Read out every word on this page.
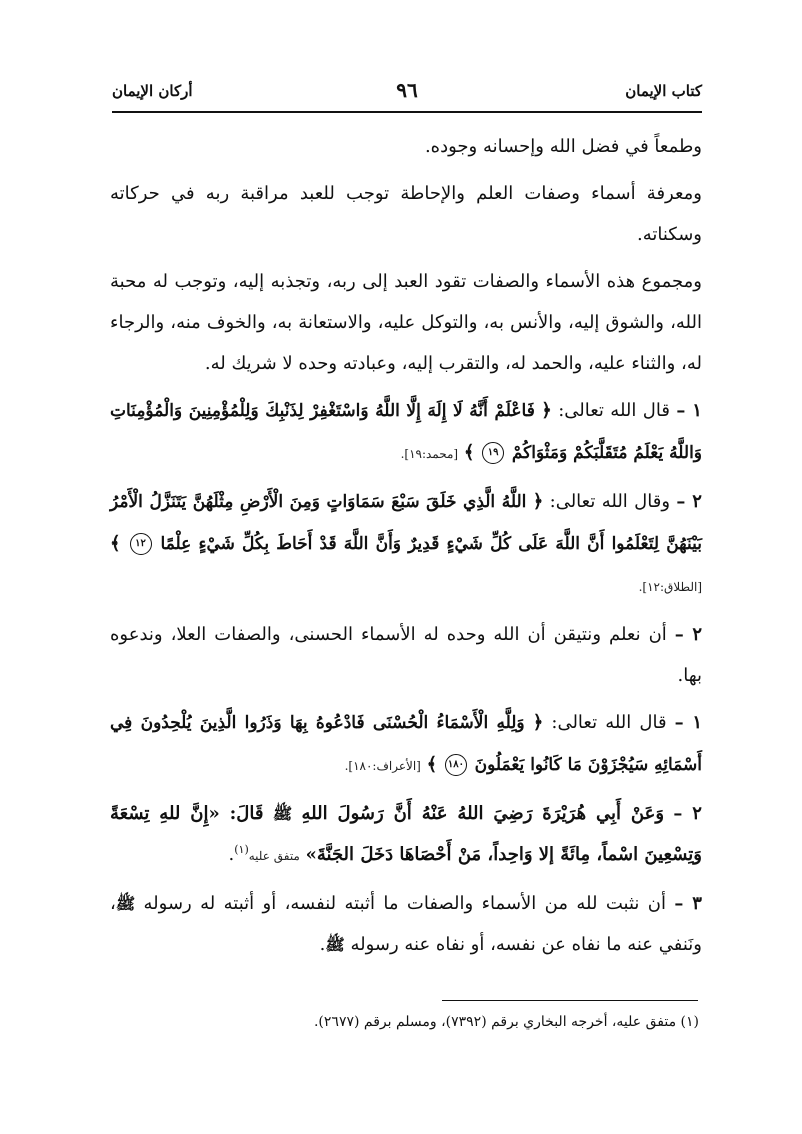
كتاب الإيمان
٩٦
أركان الإيمان

وطمعاً في فضل الله وإحسانه وجوده.

ومعرفة أسماء وصفات العلم والإحاطة توجب للعبد مراقبة ربه في حركاته وسكناته.

ومجموع هذه الأسماء والصفات تقود العبد إلى ربه، وتجذبه إليه، وتوجب له محبة الله، والشوق إليه، والأنس به، والتوكل عليه، والاستعانة به، والخوف منه، والرجاء له، والثناء عليه، والحمد له، والتقرب إليه، وعبادته وحده لا شريك له.

١ – قال الله تعالى: ﴿ فَاعْلَمْ أَنَّهُ لَا إِلَهَ إِلَّا اللَّهُ وَاسْتَغْفِرْ لِذَنْبِكَ وَلِلْمُؤْمِنِينَ وَالْمُؤْمِنَاتِ وَاللَّهُ يَعْلَمُ مُتَقَلَّبَكُمْ وَمَثْوَاكُمْ ١٩ ﴾ [محمد:١٩].

٢ – وقال الله تعالى: ﴿ اللَّهُ الَّذِي خَلَقَ سَبْعَ سَمَاوَاتٍ وَمِنَ الْأَرْضِ مِثْلَهُنَّ يَتَنَزَّلُ الْأَمْرُ بَيْنَهُنَّ لِتَعْلَمُوا أَنَّ اللَّهَ عَلَى كُلِّ شَيْءٍ قَدِيرٌ وَأَنَّ اللَّهَ قَدْ أَحَاطَ بِكُلِّ شَيْءٍ عِلْمًا ١٢ ﴾ [الطلاق:١٢].

٢ – أن نعلم ونتيقن أن الله وحده له الأسماء الحسنى، والصفات العلا، وندعوه بها.

١ – قال الله تعالى: ﴿ وَلِلَّهِ الْأَسْمَاءُ الْحُسْنَى فَادْعُوهُ بِهَا وَذَرُوا الَّذِينَ يُلْحِدُونَ فِي أَسْمَائِهِ سَيُجْزَوْنَ مَا كَانُوا يَعْمَلُونَ ١٨٠ ﴾ [الأعراف:١٨٠].

٢ – وَعَنْ أَبِي هُرَيْرَةَ رَضِيَ اللهُ عَنْهُ أَنَّ رَسُولَ اللهِ ﷺ قَالَ: «إِنَّ للهِ تِسْعَةً وَتِسْعِينَ اسْماً، مِائَةً إلا وَاحِداً، مَنْ أَحْصَاهَا دَخَلَ الجَنَّةَ» متفق عليه$^{(١)}$.

٣ – أن نثبت لله من الأسماء والصفات ما أثبته لنفسه، أو أثبته له رسوله ﷺ، ونَنفي عنه ما نفاه عن نفسه، أو نفاه عنه رسوله ﷺ.

(١) متفق عليه، أخرجه البخاري برقم (٧٣٩٢)، ومسلم برقم (٢٦٧٧).
